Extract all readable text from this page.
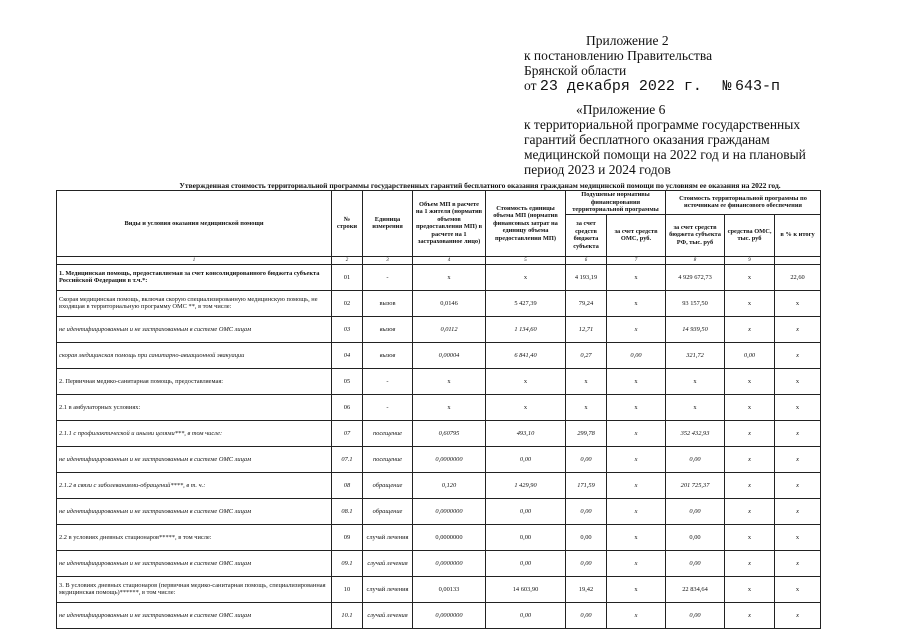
Приложение 2
к постановлению Правительства
Брянской области
от 23 декабря 2022 г. № 643-п
«Приложение 6
к территориальной программе государственных
гарантий бесплатного оказания гражданам
медицинской помощи на 2022 год и на плановый
период 2023 и 2024 годов
Утвержденная стоимость территориальной программы государственных гарантий бесплатного оказания гражданам медицинской помощи по условиям ее оказания на 2022 год.
Виды и условия оказания медицинской помощи	№ строки	Единица измерения	Объем МП в расчете на 1 жителя (норматив объемов предоставления МП) в расчете на 1 застрахованное лицо)	Стоимость единицы объема МП (норматив финансовых затрат на единицу объема предоставления МП)	Подушевые нормативы финансирования территориальной программы		Стоимость территориальной программы по источникам ее финансового обеспечения		
					за счет средств бюджета субъекта	за счет средств ОМС, руб.	за счет средств бюджета субъекта РФ, тыс. руб	средства ОМС, тыс. руб	в % к итогу
1	2	3	4	5	6	7	8	9	
1. Медицинская помощь, предоставляемая за счет консолидированного бюджета субъекта Российской Федерации в т.ч.*:	01	-	х	х	4 193,19	х	4 929 672,73	х	22,60
Скорая медицинская помощь, включая скорую специализированную медицинскую помощь, не входящая в территориальную программу ОМС **, в том числе:	02	вызов	0,0146	5 427,39	79,24	х	93 157,50	х	х
не идентифицированным и не застрахованным в системе ОМС лицам	03	вызов	0,0112	1 134,60	12,71	х	14 939,50	х	х
скорая медицинская помощь при санитарно-авиационной эвакуации	04	вызов	0,00004	6 841,40	0,27	0,00	321,72	0,00	х
2. Первичная медико-санитарная помощь, предоставляемая:	05	-	х	х	х	х	х	х	х
2.1 в амбулаторных условиях:	06	-	х	х	х	х	х	х	х
2.1.1 с профилактической и иными целями***, в том числе:	07	посещение	0,60795	493,10	299,78	х	352 432,93	х	х
не идентифицированным и не застрахованным в системе ОМС лицам	07.1	посещение	0,0000000	0,00	0,00	х	0,00	х	х
2.1.2 в связи с заболеваниями-обращений****, в т. ч.:	08	обращение	0,120	1 429,90	171,59	х	201 725,37	х	х
не идентифицированным и не застрахованным в системе ОМС лицам	08.1	обращение	0,0000000	0,00	0,00	х	0,00	х	х
2.2 в условиях дневных стационаров*****, в том числе:	09	случай лечения	0,0000000	0,00	0,00	х	0,00	х	х
не идентифицированным и не застрахованным в системе ОМС лицам	09.1	случай лечения	0,0000000	0,00	0,00	х	0,00	х	х
3. В условиях дневных стационаров (первичная медико-санитарная помощь, специализированная медицинская помощь)******, в том числе:	10	случай лечения	0,00133	14 603,90	19,42	х	22 834,64	х	х
не идентифицированным и не застрахованным в системе ОМС лицам	10.1	случай лечения	0,0000000	0,00	0,00	х	0,00	х	х
